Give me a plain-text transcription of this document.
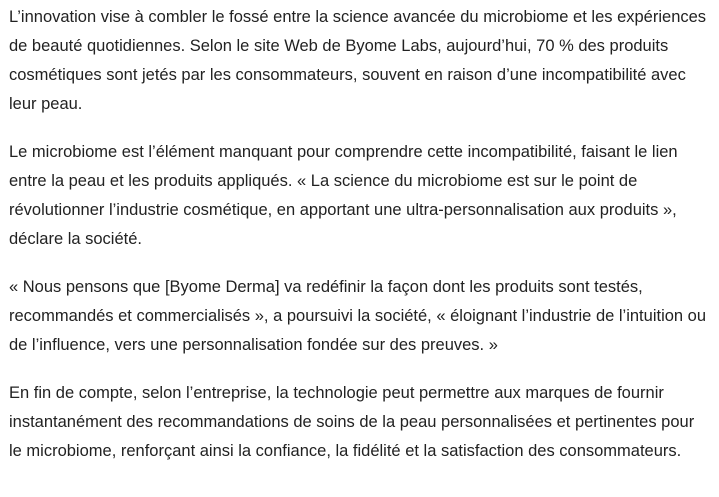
L’innovation vise à combler le fossé entre la science avancée du microbiome et les expériences de beauté quotidiennes. Selon le site Web de Byome Labs, aujourd’hui, 70 % des produits cosmétiques sont jetés par les consommateurs, souvent en raison d’une incompatibilité avec leur peau.

Le microbiome est l’élément manquant pour comprendre cette incompatibilité, faisant le lien entre la peau et les produits appliqués. « La science du microbiome est sur le point de révolutionner l’industrie cosmétique, en apportant une ultra-personnalisation aux produits », déclare la société.

« Nous pensons que [Byome Derma] va redéfinir la façon dont les produits sont testés, recommandés et commercialisés », a poursuivi la société, « éloignant l’industrie de l’intuition ou de l’influence, vers une personnalisation fondée sur des preuves. »

En fin de compte, selon l’entreprise, la technologie peut permettre aux marques de fournir instantanément des recommandations de soins de la peau personnalisées et pertinentes pour le microbiome, renforçant ainsi la confiance, la fidélité et la satisfaction des consommateurs.
